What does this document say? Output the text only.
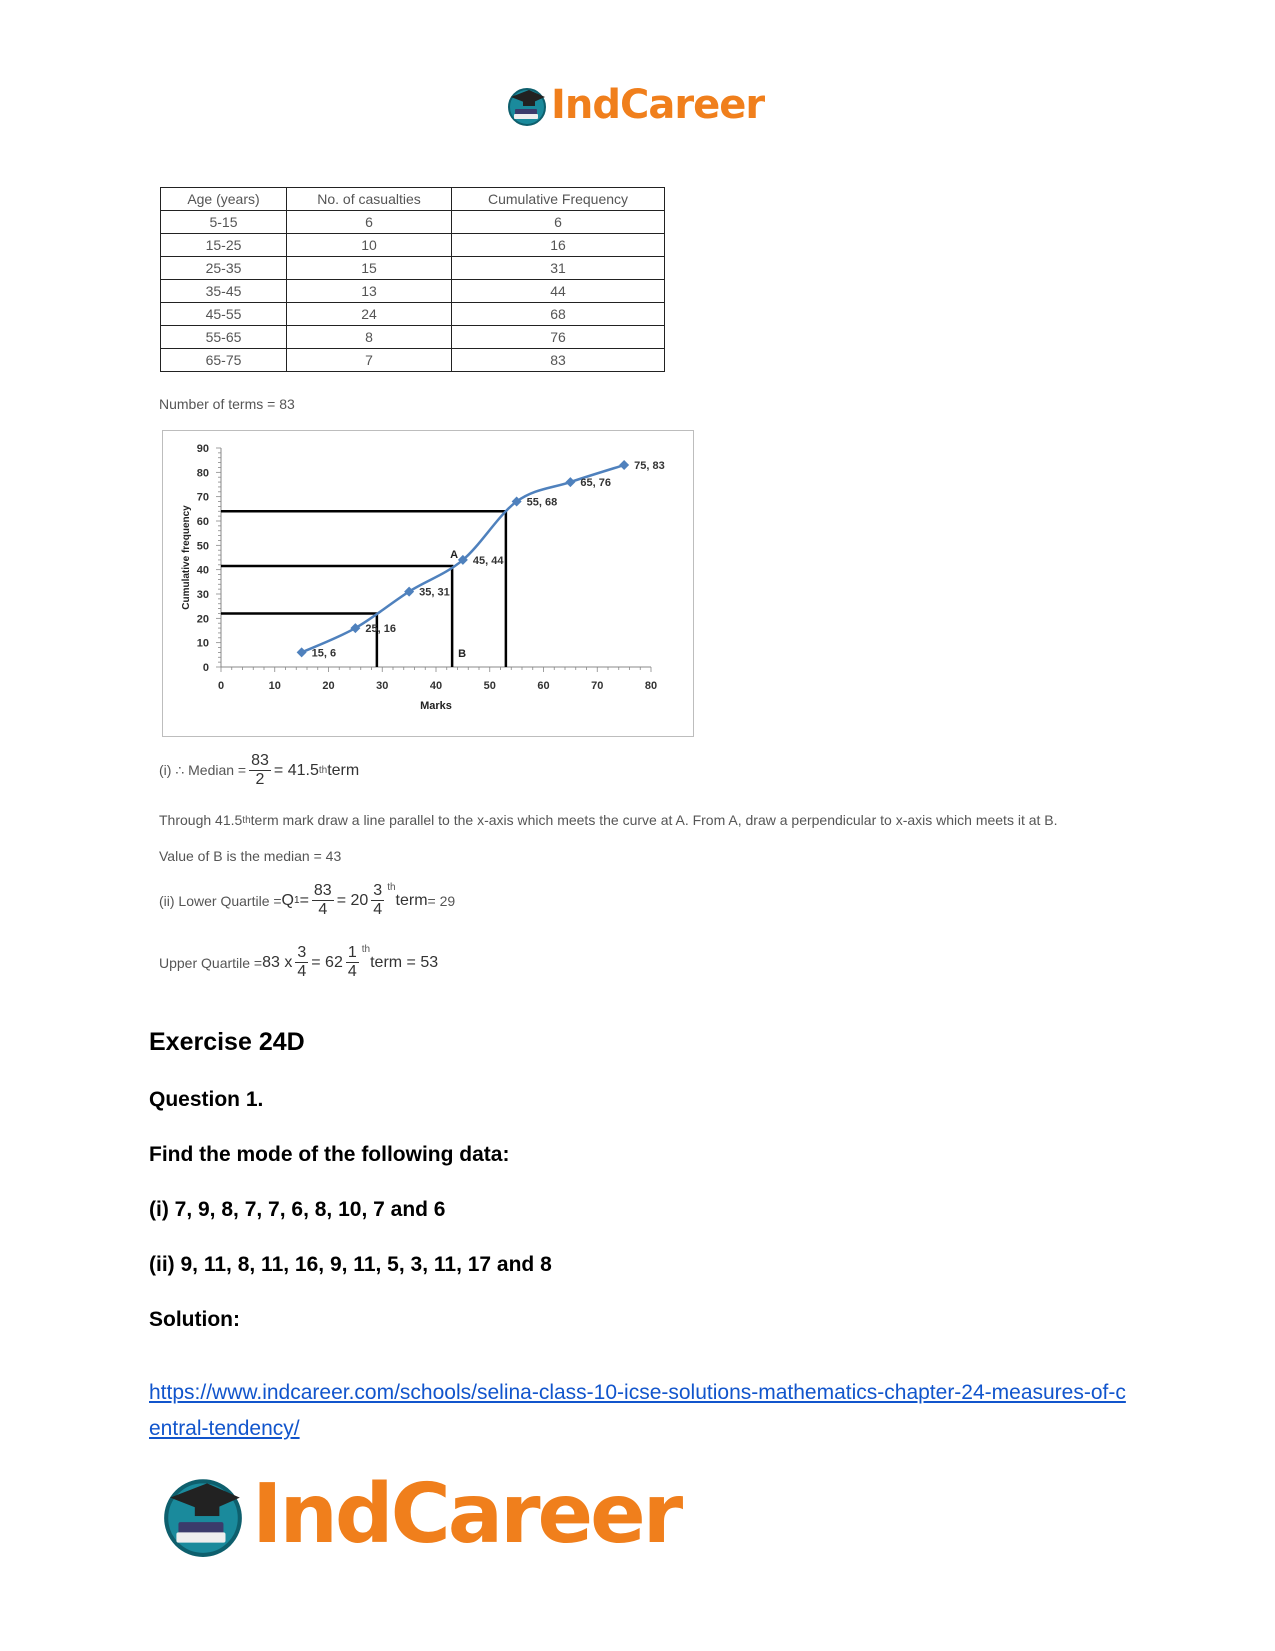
IndCareer
Age (years)	No. of casualties	Cumulative Frequency
5-15	6	6
15-25	10	16
25-35	15	31
35-45	13	44
45-55	24	68
55-65	8	76
65-75	7	83
Number of terms = 83
0
10
20
30
40
50
60
70
80
90
0	10	20	30	40	50	60	70	80
Marks
Cumulative frequency
15, 6
25, 16
35, 31
45, 44
55, 68
65, 76
75, 83
A
B
(i) ∴ Median = $\frac{83}{2} = 41.5$ th term
Through 41.5 th term mark draw a line parallel to the x-axis which meets the curve at A. From A, draw a perpendicular to x-axis which meets it at B.
Value of B is the median = 43
(ii) Lower Quartile = Q $1 = \frac{83}{4} = 20 \frac{3}{4} ^{th}$
term = 29
Upper Quartile = 83 x $\frac{3}{4} = 62 \frac{1}{4} ^{th}$
term = 53
Exercise 24D
Question 1.
Find the mode of the following data:
(i) 7, 9, 8, 7, 7, 6, 8, 10, 7 and 6
(ii) 9, 11, 8, 11, 16, 9, 11, 5, 3, 11, 17 and 8
Solution:
https://www.indcareer.com/schools/selina-class-10-icse-solutions-mathematics-chapter-24-measures-of-central-tendency/
IndCareer
